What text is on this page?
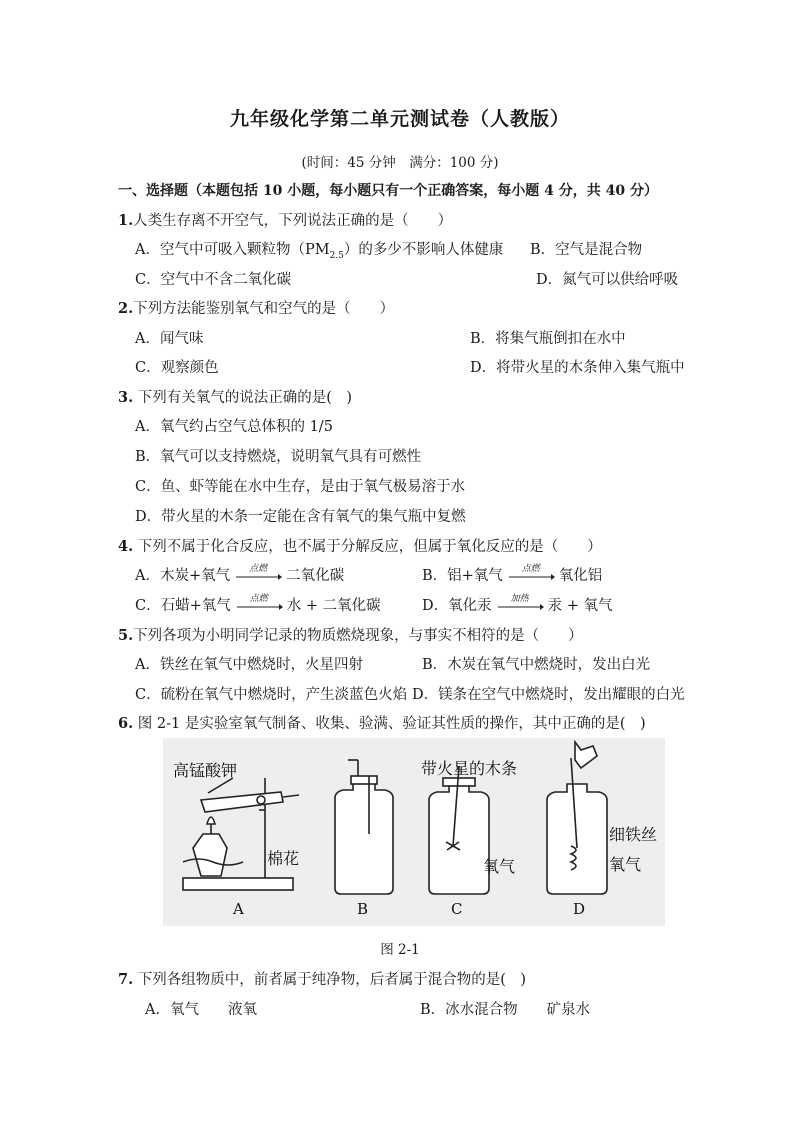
九年级化学第二单元测试卷（人教版）
(时间：45 分钟　满分：100 分)
一、选择题（本题包括 10 小题，每小题只有一个正确答案，每小题 4 分，共 40 分）
1.人类生存离不开空气，下列说法正确的是（　　）
A．空气中可吸入颗粒物$(PM_{2.5})$的多少不影响人体健康 B．空气是混合物
C．空气中不含二氧化碳	D．氮气可以供给呼吸
2.下列方法能鉴别氧气和空气的是（　　）
A．闻气味	B．将集气瓶倒扣在水中
C．观察颜色	D．将带火星的木条伸入集气瓶中
3. 下列有关氧气的说法正确的是(　)
A．氧气约占空气总体积的 1/5
B．氧气可以支持燃烧，说明氧气具有可燃性
C．鱼、虾等能在水中生存，是由于氧气极易溶于水
D．带火星的木条一定能在含有氧气的集气瓶中复燃
4. 下列不属于化合反应，也不属于分解反应，但属于氧化反应的是（　　）
A．木炭+氧气	点燃	二氧化碳	B．铝+氧气	点燃	氧化铝
C．石蜡+氧气	点燃	水 + 二氧化碳	D．氧化汞	加热	汞 + 氧气
5.下列各项为小明同学记录的物质燃烧现象，与事实不相符的是（　　）
A．铁丝在氧气中燃烧时，火星四射	B．木炭在氧气中燃烧时，发出白光
C．硫粉在氧气中燃烧时，产生淡蓝色火焰 D．镁条在空气中燃烧时，发出耀眼的白光
6. 图 2-1 是实验室氧气制备、收集、验满、验证其性质的操作，其中正确的是(　)
高锰酸钾
棉花
带火星的木条
氧气
细铁丝
氧气
A	B	C	D
图 2-1
7. 下列各组物质中，前者属于纯净物，后者属于混合物的是(　)
A．氧气　　液氧	B．冰水混合物　　矿泉水
